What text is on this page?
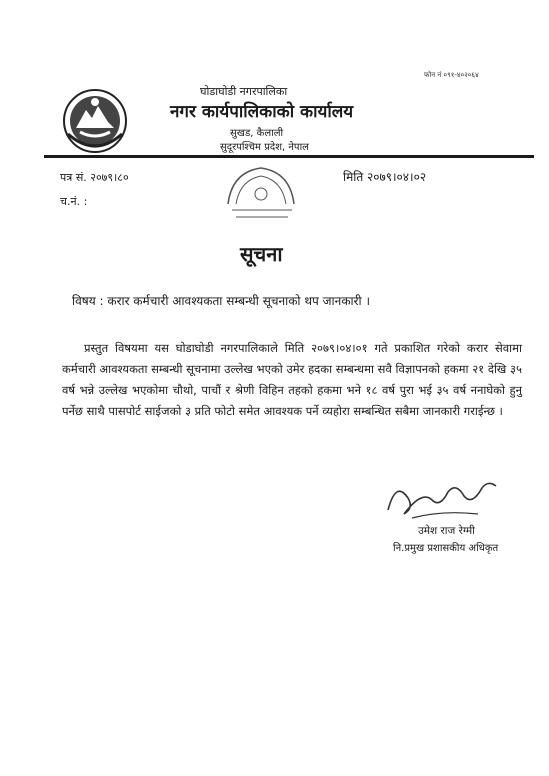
फोन नं ०९१-४०२०६४
घोडाघोडी नगरपालिका
नगर कार्यपालिकाको कार्यालय
सुखड, कैलाली
सुदूरपश्चिम प्रदेश, नेपाल
पत्र सं. २०७९।८०
च.नं. :
मिति २०७९।०४।०२
सूचना
विषय : करार कर्मचारी आवश्यकता सम्बन्धी सूचनाको थप जानकारी ।
प्रस्तुत विषयमा यस घोडाघोडी नगरपालिकाले मिति २०७९।०४।०१ गते प्रकाशित गरेको करार सेवामा कर्मचारी आवश्यकता सम्बन्धी सूचनामा उल्लेख भएको उमेर हदका सम्बन्धमा सवै विज्ञापनको हकमा २१ देखि ३५ वर्ष भन्ने उल्लेख भएकोमा चौथो, पाचौं र श्रेणी विहिन तहको हकमा भने १८ वर्ष पुरा भई ३५ वर्ष ननाघेको हुनु पर्नेछ साथै पासपोर्ट साईजको ३ प्रति फोटो समेत आवश्यक पर्ने व्यहोरा सम्बन्धित सबैमा जानकारी गराईन्छ ।
उमेश राज रेग्मी
नि.प्रमुख प्रशासकीय अधिकृत
